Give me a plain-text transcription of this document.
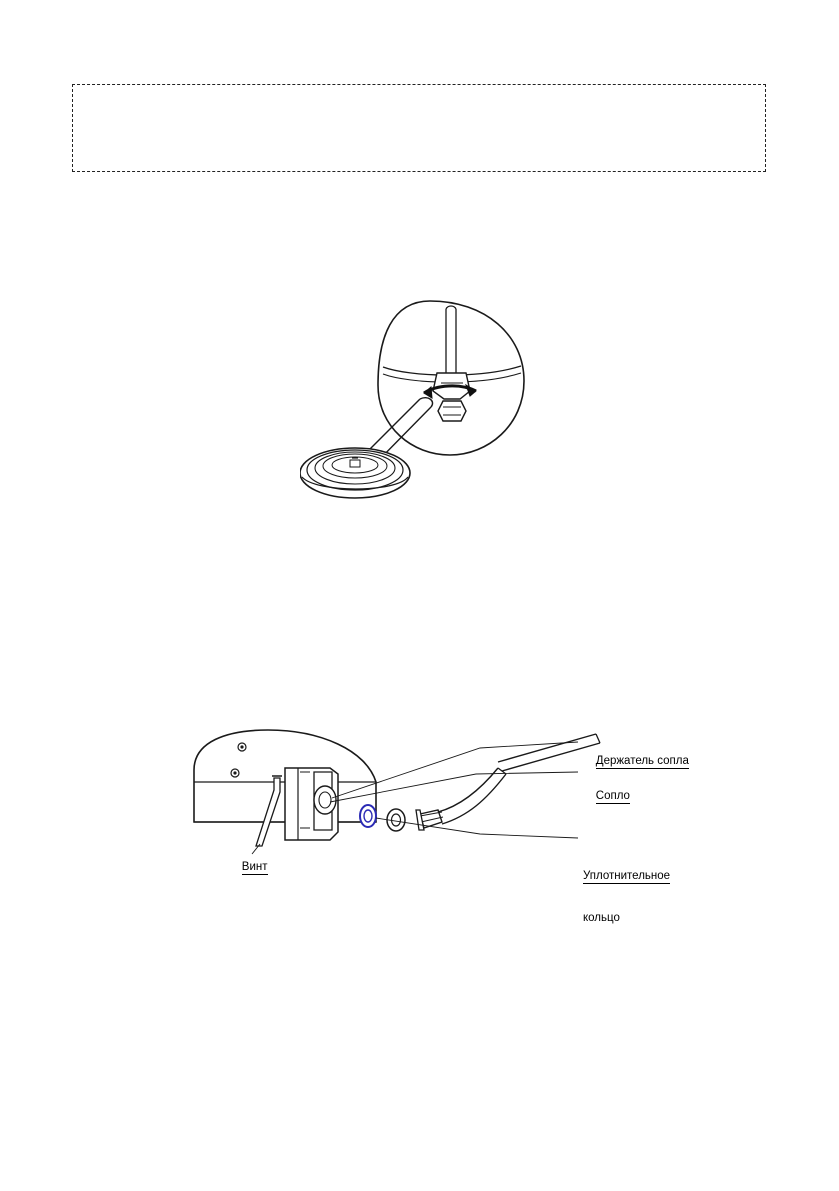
Держатель сопла

Сопло

Уплотнительное

кольцо

Винт
